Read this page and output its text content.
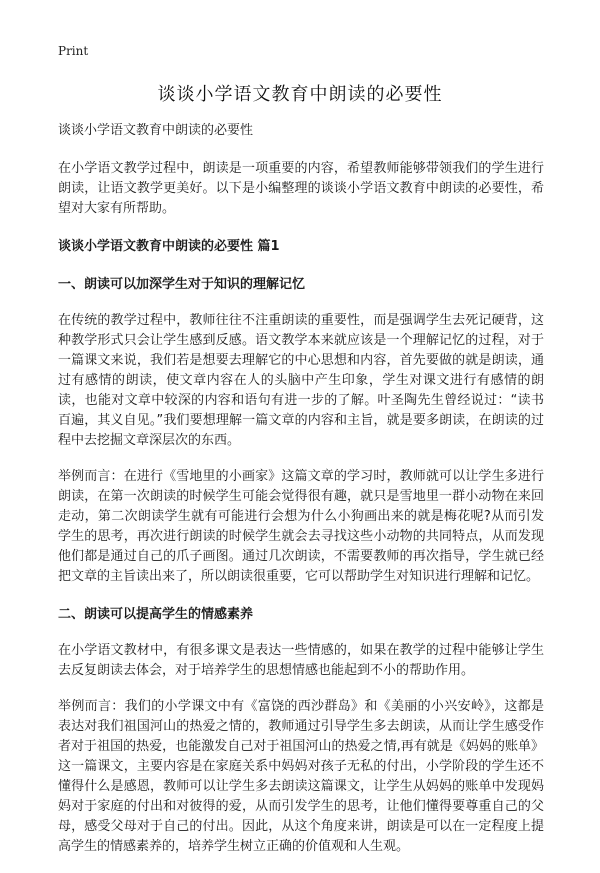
Print
谈谈小学语文教育中朗读的必要性
谈谈小学语文教育中朗读的必要性

在小学语文教学过程中，朗读是一项重要的内容，希望教师能够带领我们的学生进行朗读，让语文教学更美好。以下是小编整理的谈谈小学语文教育中朗读的必要性，希望对大家有所帮助。

谈谈小学语文教育中朗读的必要性 篇1
一、朗读可以加深学生对于知识的理解记忆

在传统的教学过程中，教师往往不注重朗读的重要性，而是强调学生去死记硬背，这种教学形式只会让学生感到反感。语文教学本来就应该是一个理解记忆的过程，对于一篇课文来说，我们若是想要去理解它的中心思想和内容，首先要做的就是朗读，通过有感情的朗读，使文章内容在人的头脑中产生印象，学生对课文进行有感情的朗读，也能对文章中较深的内容和语句有进一步的了解。叶圣陶先生曾经说过：“读书百遍，其义自见。”我们要想理解一篇文章的内容和主旨，就是要多朗读，在朗读的过程中去挖掘文章深层次的东西。

举例而言：在进行《雪地里的小画家》这篇文章的学习时，教师就可以让学生多进行朗读，在第一次朗读的时候学生可能会觉得很有趣，就只是雪地里一群小动物在来回走动，第二次朗读学生就有可能进行会想为什么小狗画出来的就是梅花呢?从而引发学生的思考，再次进行朗读的时候学生就会去寻找这些小动物的共同特点，从而发现他们都是通过自己的爪子画图。通过几次朗读，不需要教师的再次指导，学生就已经把文章的主旨读出来了，所以朗读很重要，它可以帮助学生对知识进行理解和记忆。

二、朗读可以提高学生的情感素养

在小学语文教材中，有很多课文是表达一些情感的，如果在教学的过程中能够让学生去反复朗读去体会，对于培养学生的思想情感也能起到不小的帮助作用。

举例而言：我们的小学课文中有《富饶的西沙群岛》和《美丽的小兴安岭》，这都是表达对我们祖国河山的热爱之情的，教师通过引导学生多去朗读，从而让学生感受作者对于祖国的热爱，也能激发自己对于祖国河山的热爱之情,再有就是《妈妈的账单》这一篇课文，主要内容是在家庭关系中妈妈对孩子无私的付出，小学阶段的学生还不懂得什么是感恩，教师可以让学生多去朗读这篇课文，让学生从妈妈的账单中发现妈妈对于家庭的付出和对彼得的爱，从而引发学生的思考，让他们懂得要尊重自己的父母，感受父母对于自己的付出。因此，从这个角度来讲，朗读是可以在一定程度上提高学生的情感素养的，培养学生树立正确的价值观和人生观。
